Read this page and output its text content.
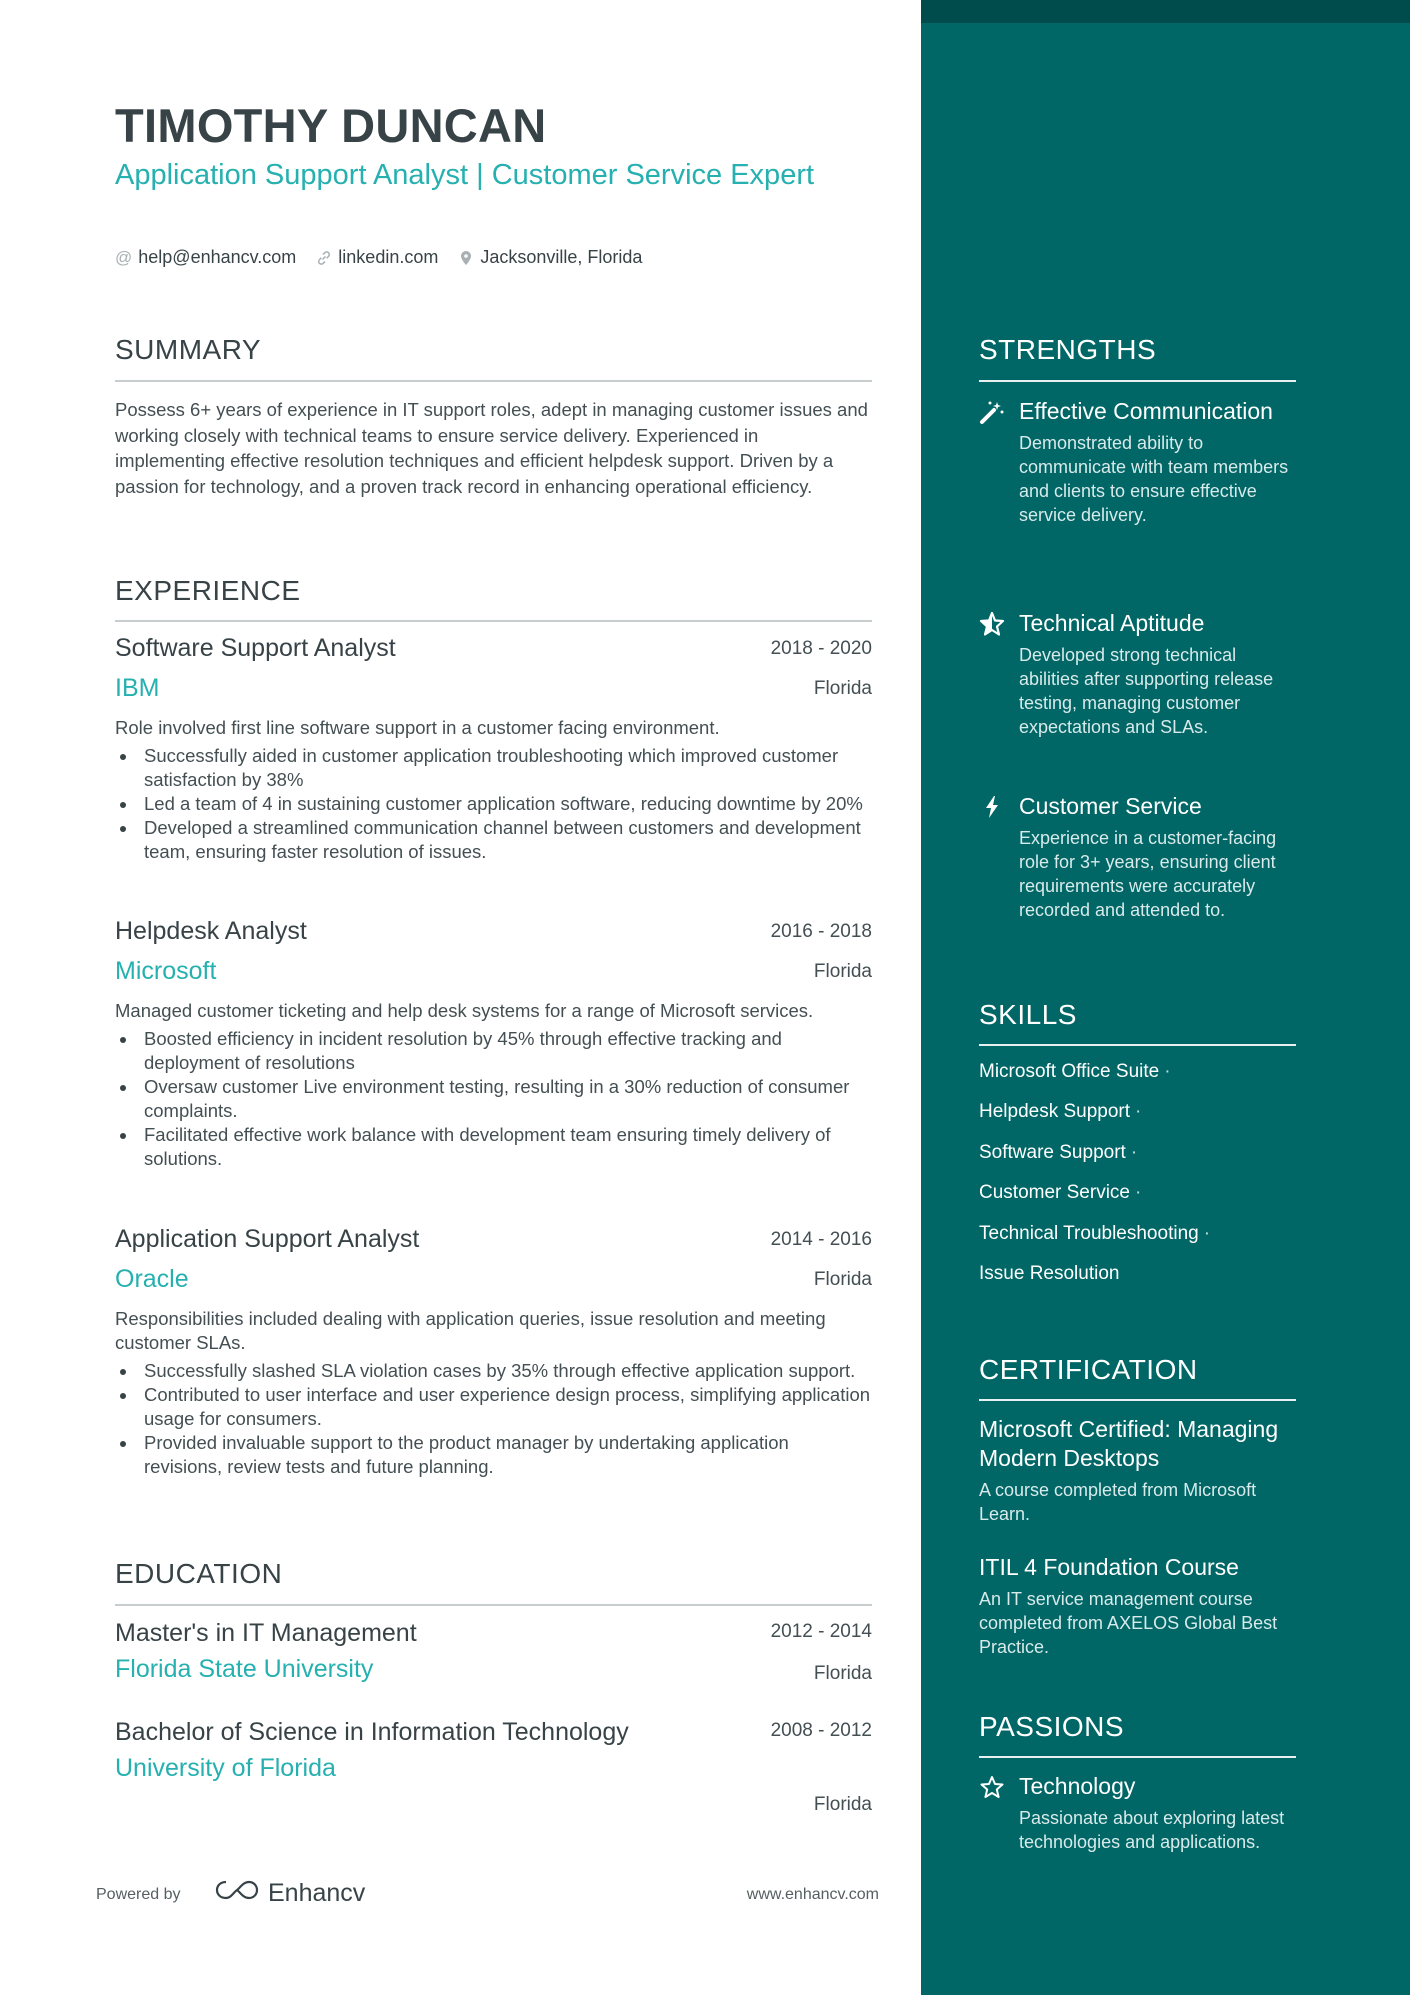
STRENGTHS
Effective Communication
Demonstrated ability to communicate with team members and clients to ensure effective service delivery.
Technical Aptitude
Developed strong technical abilities after supporting release testing, managing customer expectations and SLAs.
Customer Service
Experience in a customer-facing role for 3+ years, ensuring client requirements were accurately recorded and attended to.
SKILLS
Microsoft Office Suite ·
Helpdesk Support ·
Software Support ·
Customer Service ·
Technical Troubleshooting ·
Issue Resolution
CERTIFICATION
Microsoft Certified: Managing Modern Desktops
A course completed from Microsoft Learn.
ITIL 4 Foundation Course
An IT service management course completed from AXELOS Global Best Practice.
PASSIONS
Technology
Passionate about exploring latest technologies and applications.
TIMOTHY DUNCAN
Application Support Analyst | Customer Service Expert
@ help@enhancv.com linkedin.com Jacksonville, Florida
SUMMARY
Possess 6+ years of experience in IT support roles, adept in managing customer issues and working closely with technical teams to ensure service delivery. Experienced in implementing effective resolution techniques and efficient helpdesk support. Driven by a passion for technology, and a proven track record in enhancing operational efficiency.
EXPERIENCE
Software Support Analyst	2018 - 2020
IBM	Florida
Role involved first line software support in a customer facing environment.
Successfully aided in customer application troubleshooting which improved customer satisfaction by 38%
Led a team of 4 in sustaining customer application software, reducing downtime by 20%
Developed a streamlined communication channel between customers and development team, ensuring faster resolution of issues.
Helpdesk Analyst	2016 - 2018
Microsoft	Florida
Managed customer ticketing and help desk systems for a range of Microsoft services.
Boosted efficiency in incident resolution by 45% through effective tracking and deployment of resolutions
Oversaw customer Live environment testing, resulting in a 30% reduction of consumer complaints.
Facilitated effective work balance with development team ensuring timely delivery of solutions.
Application Support Analyst	2014 - 2016
Oracle	Florida
Responsibilities included dealing with application queries, issue resolution and meeting customer SLAs.
Successfully slashed SLA violation cases by 35% through effective application support.
Contributed to user interface and user experience design process, simplifying application usage for consumers.
Provided invaluable support to the product manager by undertaking application revisions, review tests and future planning.
EDUCATION
Master's in IT Management	2012 - 2014
Florida State University	Florida
Bachelor of Science in Information Technology	2008 - 2012
University of Florida
Florida
Powered by	Enhancv	www.enhancv.com
